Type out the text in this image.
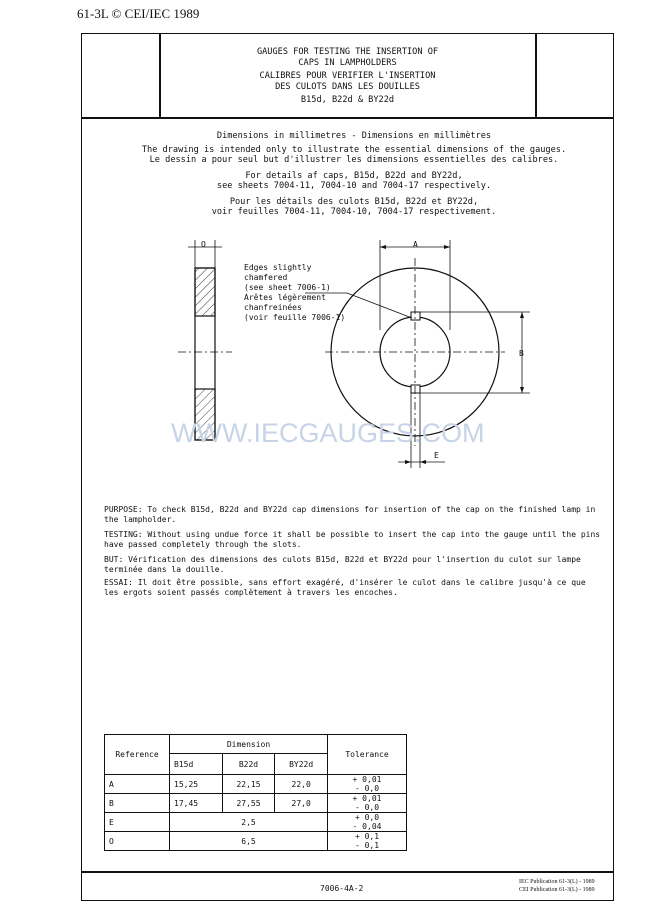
61-3L © CEI/IEC 1989
GAUGES FOR TESTING THE INSERTION OF
CAPS IN LAMPHOLDERS
CALIBRES POUR VERIFIER L'INSERTION
DES CULOTS DANS LES DOUILLES
B15d, B22d & BY22d
Dimensions in millimetres - Dimensions en millimètres
The drawing is intended only to illustrate the essential dimensions of the gauges.
Le dessin a pour seul but d'illustrer les dimensions essentielles des calibres.
For details af caps, B15d, B22d and BY22d,
see sheets 7004-11, 7004-10 and 7004-17 respectively.
Pour les détails des culots B15d, B22d et BY22d,
voir feuilles 7004-11, 7004-10, 7004-17 respectivement.
O	A
B
E
Edges slightly
chamfered
(see sheet 7006-1)
Arêtes légèrement
chanfreinées
(voir feuille 7006-1)
WWW.IECGAUGES.COM
PURPOSE: To check B15d, B22d and BY22d cap dimensions for insertion of the cap on the finished lamp in
the lampholder.
TESTING: Without using undue force it shall be possible to insert the cap into the gauge until the pins
have passed completely through the slots.
BUT: Vérification des dimensions des culots B15d, B22d et BY22d pour l'insertion du culot sur lampe
terminée dans la douille.
ESSAI: Il doit être possible, sans effort exagéré, d'insérer le culot dans le calibre jusqu'à ce que
les ergots soient passés complètement à travers les encoches.
Reference	Dimension			Tolerance
	B15d	B22d	BY22d	
A	15,25	22,15	22,0	+ 0,01
- 0,0

B	17,45	27,55	27,0	+ 0,01
- 0,0

E	2,5			+ 0,0
- 0,04

O	6,5			+ 0,1
- 0,1
7006-4A-2
IEC Publication 61-3(L) - 1989
CEI Publication 61-3(L) - 1989
